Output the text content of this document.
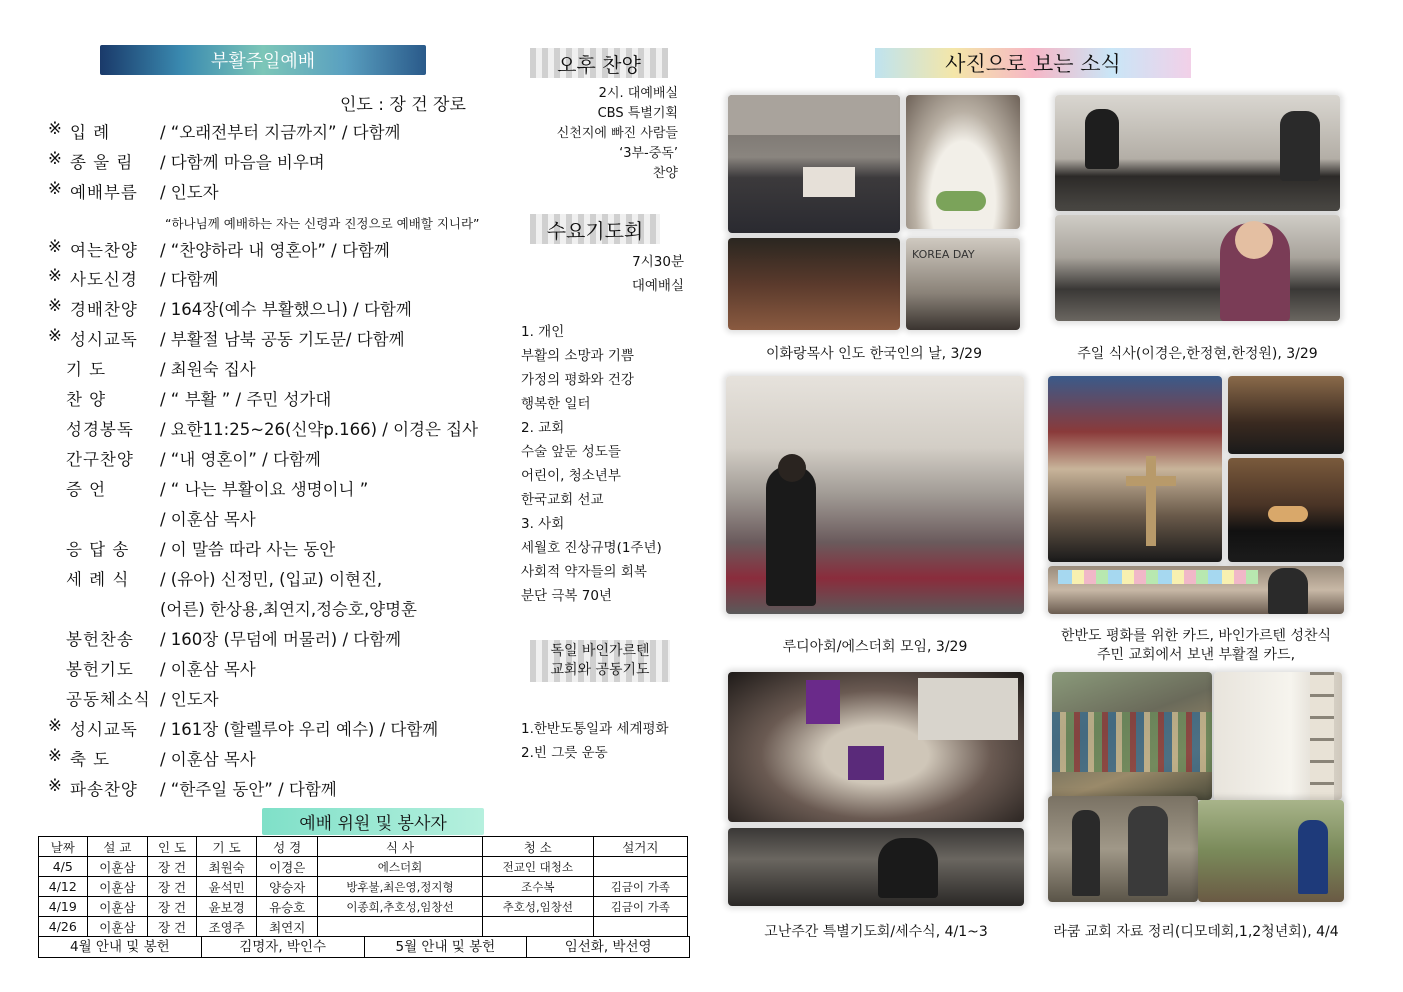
부활주일예배
인도 : 장 건 장로
※ 입 례	/ “오래전부터 지금까지” / 다함께
※ 종 울 림	/ 다함께 마음을 비우며
※ 예배부름	/ 인도자
※ 여는찬양	/ “찬양하라 내 영혼아” / 다함께
※ 사도신경	/ 다함께
※ 경배찬양	/ 164장(예수 부활했으니) / 다함께
※ 성시교독	/ 부활절 남북 공동 기도문/ 다함께
기 도	/ 최원숙 집사
찬 양	/ “ 부활 ” / 주민 성가대
성경봉독	/ 요한11:25~26(신약p.166) / 이경은 집사
간구찬양	/ “내 영혼이” / 다함께
증 언	/ “ 나는 부활이요 생명이니 ”
/ 이훈삼 목사
응 답 송	/ 이 말씀 따라 사는 동안
세 례 식	/ (유아) 신정민, (입교) 이현진,
(어른) 한상용,최연지,정승호,양명훈
봉헌찬송	/ 160장 (무덤에 머물러) / 다함께
봉헌기도	/ 이훈삼 목사
공동체소식 / 인도자
※ 성시교독	/ 161장 (할렐루야 우리 예수) / 다함께
※ 축 도	/ 이훈삼 목사
※ 파송찬양	/ “한주일 동안” / 다함께
“하나님께 예배하는 자는 신령과 진정으로 예배할 지니라”
예배 위원 및 봉사자
날짜	설 교	인 도	기 도	성 경	식 사	청 소	설거지
4/5	이훈삼	장 건	최원숙	이경은	에스더회	전교인 대청소	
4/12	이훈삼	장 건	윤석민	양승자	방후불,최은영,정지형	조수복	김금이 가족
4/19	이훈삼	장 건	윤보경	유승호	이종희,추호성,임창선	추호성,임창선	김금이 가족
4/26	이훈삼	장 건	조영주	최연지			
4월 안내 및 봉헌	김명자, 박인수	5월 안내 및 봉헌	임선화, 박선영
오후 찬양
2시. 대예배실
CBS 특별기획
신천지에 빠진 사람들
‘3부-중독’
찬양
수요기도회
7시30분
대예배실
1. 개인
부활의 소망과 기쁨
가정의 평화와 건강
행복한 일터
2. 교회
수술 앞둔 성도들
어린이, 청소년부
한국교회 선교
3. 사회
세월호 진상규명(1주년)
사회적 약자들의 회복
분단 극복 70년
독일 바인가르텐
교회와 공동기도
1.한반도통일과 세계평화
2.빈 그릇 운동
사진으로 보는 소식
KOREA DAY
이화랑목사 인도 한국인의 날, 3/29	주일 식사(이경은,한정현,한정원), 3/29
루디아회/에스더회 모임, 3/29
한반도 평화를 위한 카드, 바인가르텐 성찬식
주민 교회에서 보낸 부활절 카드,
고난주간 특별기도회/세수식, 4/1~3	라쿰 교회 자료 정리(디모데회,1,2청년회), 4/4
